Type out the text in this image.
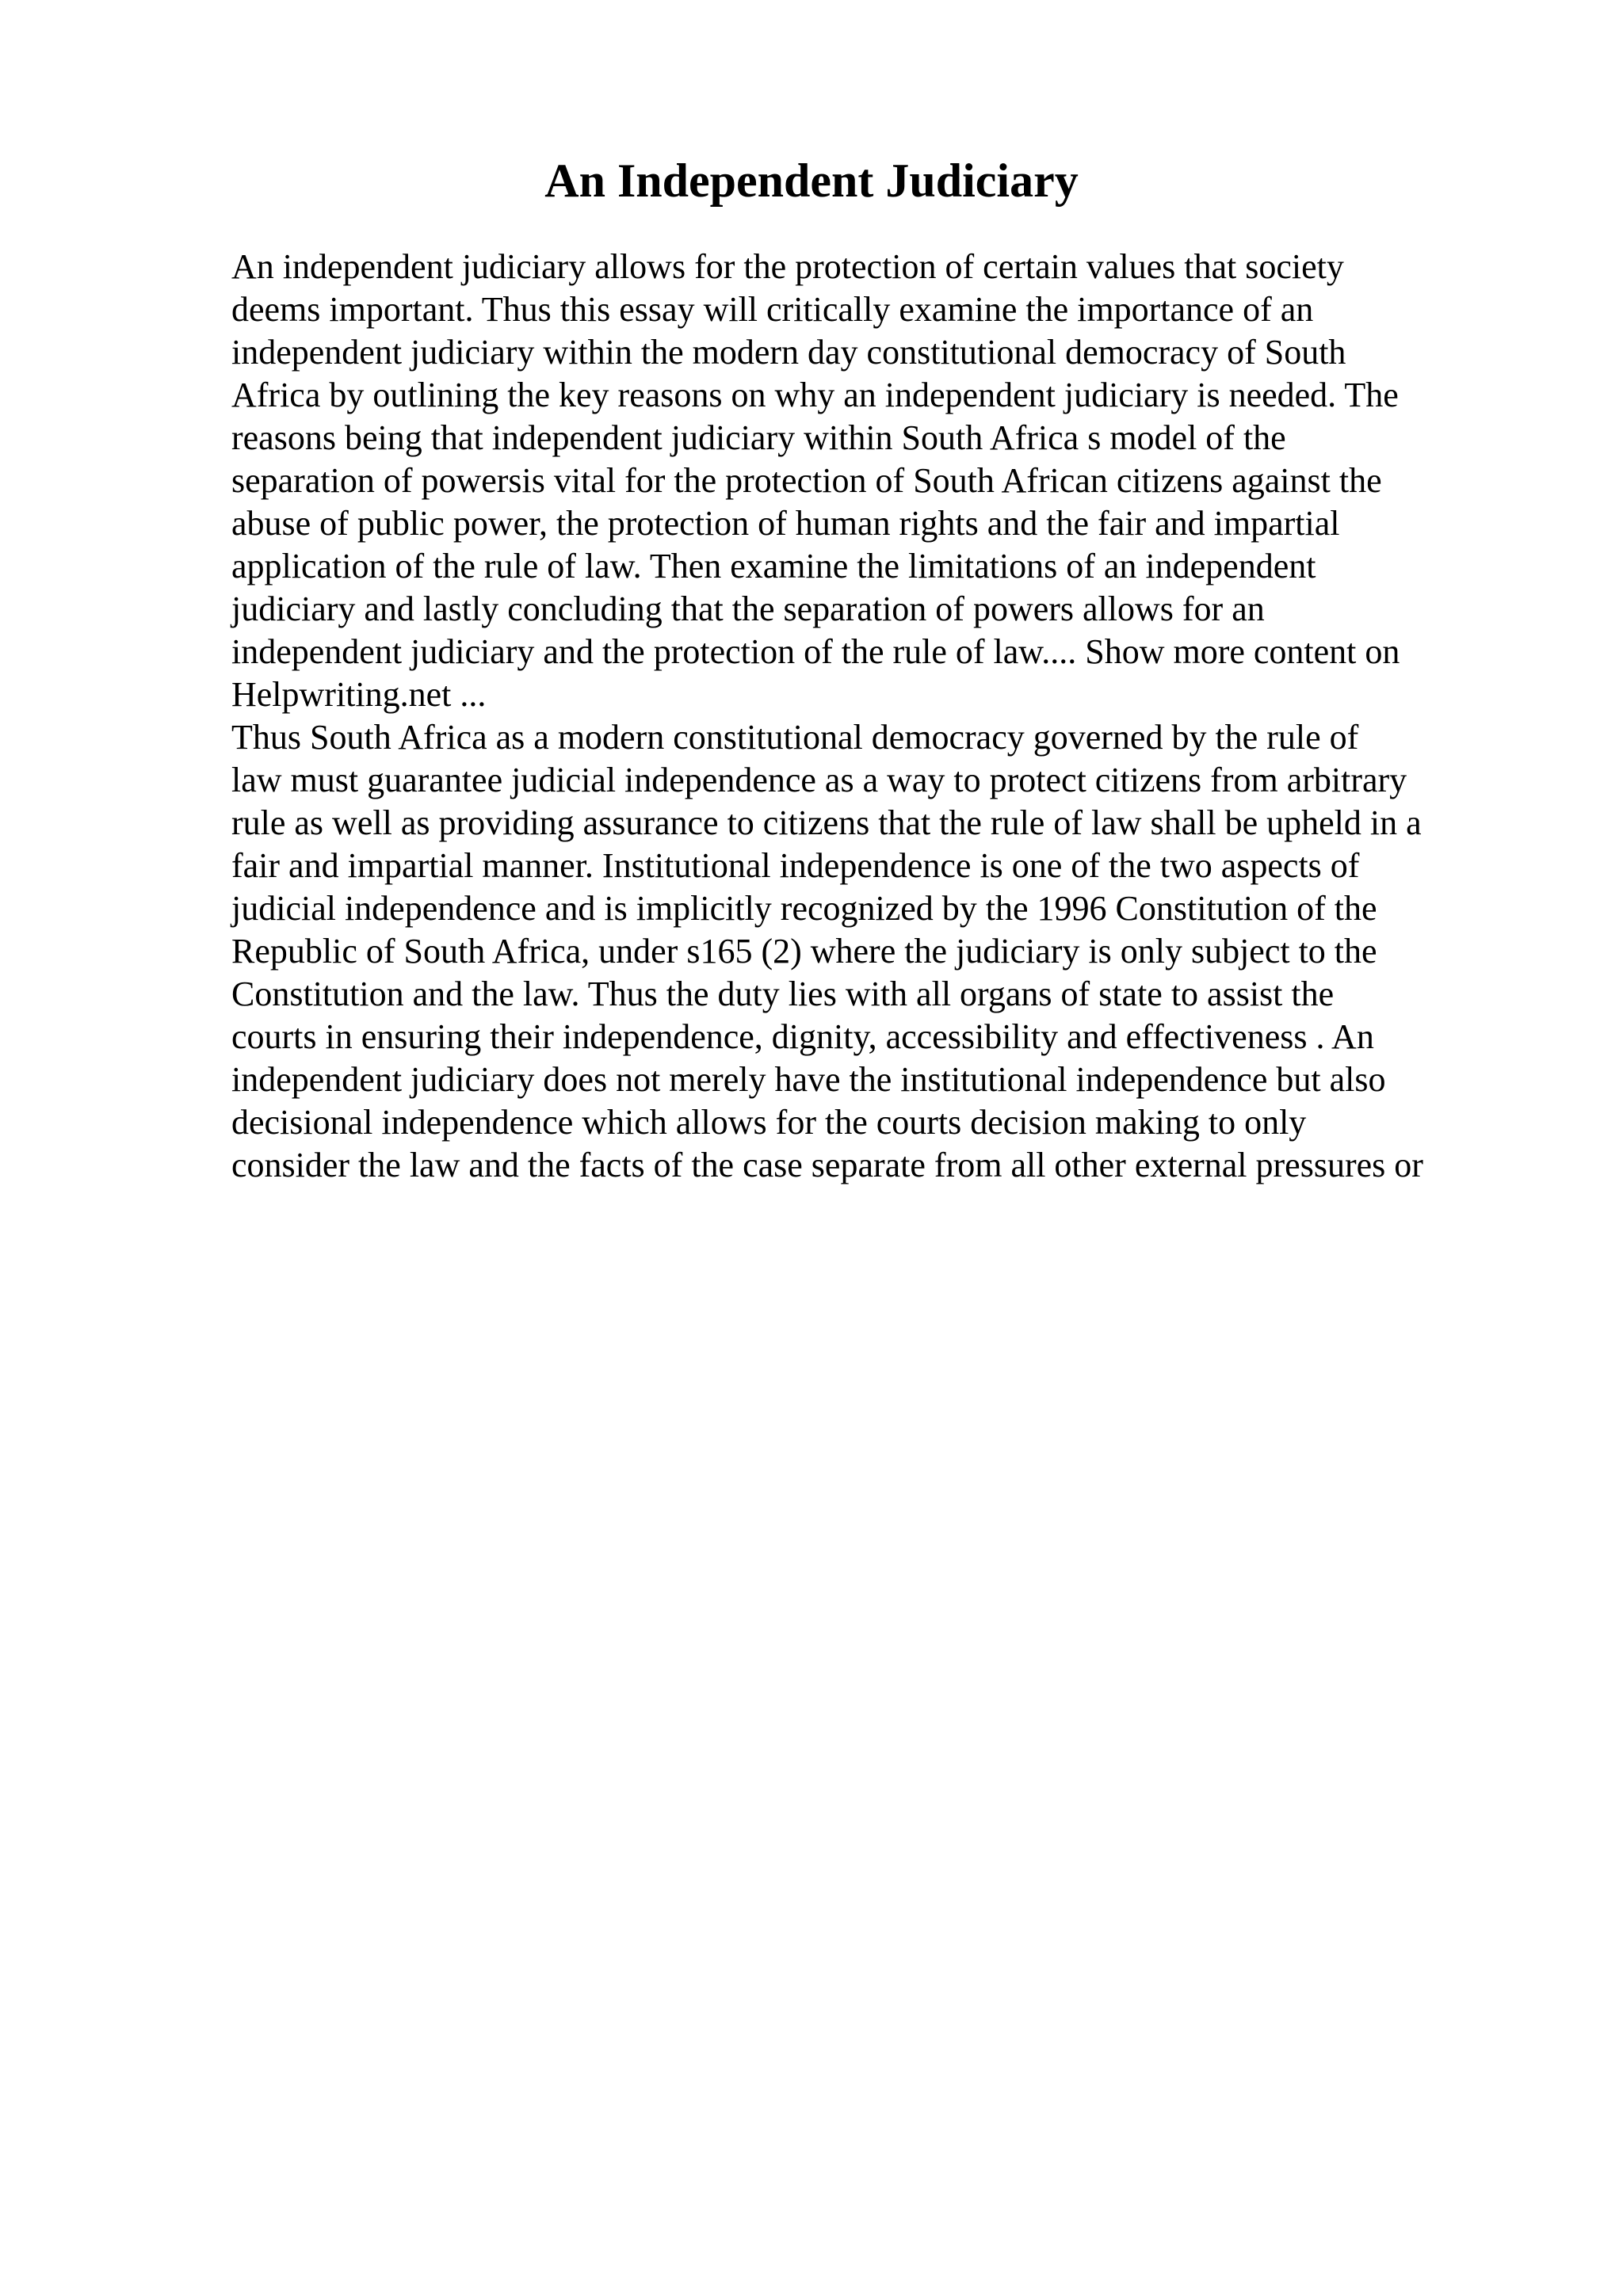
An Independent Judiciary
An independent judiciary allows for the protection of certain values that society
deems important. Thus this essay will critically examine the importance of an
independent judiciary within the modern day constitutional democracy of South
Africa by outlining the key reasons on why an independent judiciary is needed. The
reasons being that independent judiciary within South Africa s model of the
separation of powersis vital for the protection of South African citizens against the
abuse of public power, the protection of human rights and the fair and impartial
application of the rule of law. Then examine the limitations of an independent
judiciary and lastly concluding that the separation of powers allows for an
independent judiciary and the protection of the rule of law.... Show more content on
Helpwriting.net ...
Thus South Africa as a modern constitutional democracy governed by the rule of
law must guarantee judicial independence as a way to protect citizens from arbitrary
rule as well as providing assurance to citizens that the rule of law shall be upheld in a
fair and impartial manner. Institutional independence is one of the two aspects of
judicial independence and is implicitly recognized by the 1996 Constitution of the
Republic of South Africa, under s165 (2) where the judiciary is only subject to the
Constitution and the law. Thus the duty lies with all organs of state to assist the
courts in ensuring their independence, dignity, accessibility and effectiveness . An
independent judiciary does not merely have the institutional independence but also
decisional independence which allows for the courts decision making to only
consider the law and the facts of the case separate from all other external pressures or
